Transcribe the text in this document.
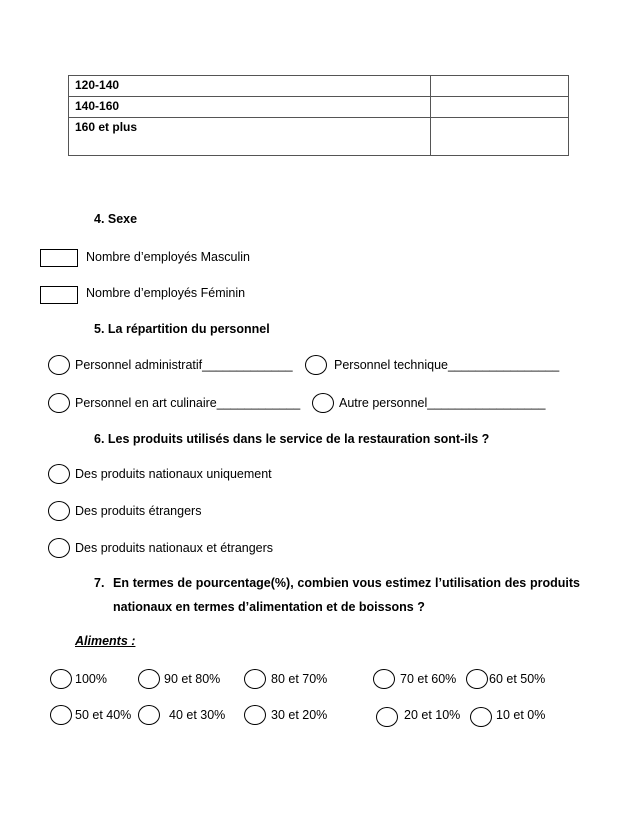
120-140	
140-160	
160 et plus	
4. Sexe
Nombre d’employés Masculin
Nombre d’employés Féminin
5. La répartition du personnel
Personnel administratif_____________	Personnel technique________________
Personnel en art culinaire____________	Autre personnel_________________
6. Les produits utilisés dans le service de la restauration sont-ils ?
Des produits nationaux uniquement
Des produits étrangers
Des produits nationaux et étrangers
7. En termes de pourcentage(%), combien vous estimez l’utilisation des produits
nationaux en termes d’alimentation et de boissons ?
Aliments :
100%	90 et 80%	80 et 70%	70 et 60%	60 et 50%
50 et 40%	40 et 30%	30 et 20%	20 et 10%	10 et 0%
